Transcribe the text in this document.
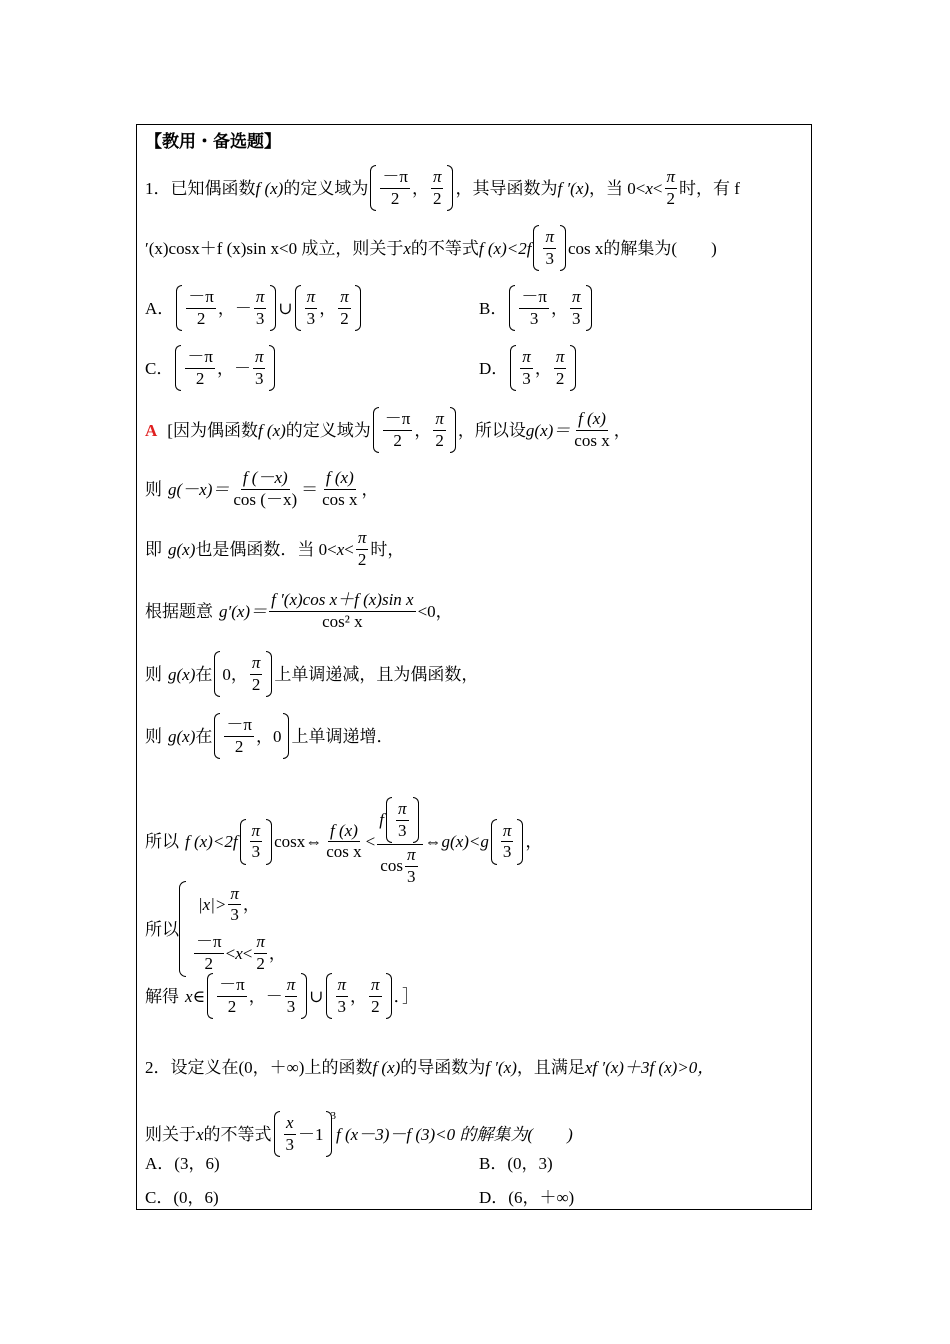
【教用・备选题】
1． 已知偶函数 f (x) 的定义域为 $\frac{-\pi}{2}$ ， $\frac{\pi}{2}$ ，其导函数为 f ′(x) ，当 $0< x < \frac{\pi}{2}$ 时，有 f
′(x)cosx＋ f (x)sin x<0 成立，则关于 x 的不等式 f $(x)<2f \frac{\pi}{3}$ cos x 的解集为(　　)
A． $\frac{-\pi}{2}$ ， － $\frac{\pi}{3}$ ∪ $\frac{\pi}{3}$ ， $\frac{\pi}{2}$	B． $\frac{-\pi}{3}$ ， $\frac{\pi}{3}$
C． $\frac{-\pi}{2}$ ， － $\frac{\pi}{3}$	D． $\frac{\pi}{3}$ ， $\frac{\pi}{2}$
A [因为偶函数 f (x) 的定义域为 $\frac{-\pi}{2}$ ， $\frac{\pi}{2}$ ，所以设 $g(x)= \frac{f (x)}{\text{cos x}}$ ，
则 $g(-x)= \frac{f (-x)}{\cos (-x)} = \frac{f (x)}{\text{cos x}}$ ，
即 g(x) 也是偶函数．当 $0< x < \frac{\pi}{2}$ 时，
根据题意 $g'(x)= \frac{\text{f ′(x)cos x＋f (x)sin x}}{\text{cos² x}} <0$，
则 g(x) 在 0 ， $\frac{\pi}{2}$ 上单调递减，且为偶函数，
则 g(x) 在 $\frac{-\pi}{2}$ ， 0 上单调递增．
所以 f $(x)<2f \frac{\pi}{3}$ cosx⇔ $\frac{f (x)}{\text{cos x}} < \frac{f \frac{\pi}{3}}{\cos \frac{\pi}{3}}$ ⇔ $g(x)<g \frac{\pi}{3}$ ，
所以
$|x|> \frac{\pi}{3}$ ，
$\frac{-\pi}{2} < x < \frac{\pi}{2}$ ，
解得 x∈ $\frac{-\pi}{2}$ ， － $\frac{\pi}{3}$ ∪ $\frac{\pi}{3}$ ， $\frac{\pi}{2}$ ．］
2． 设定义在(0，＋∞)上的函数 f (x) 的导函数为 f ′(x) ，且满足 xf ′(x)＋3f (x)>0，
则关于 x 的不等式 $\frac{x}{3} -1$
3
f (x－3)－f (3)<0 的解集为(　　)
A．(3，6)	B．(0，3)
C．(0，6)	D．(6，＋∞)
